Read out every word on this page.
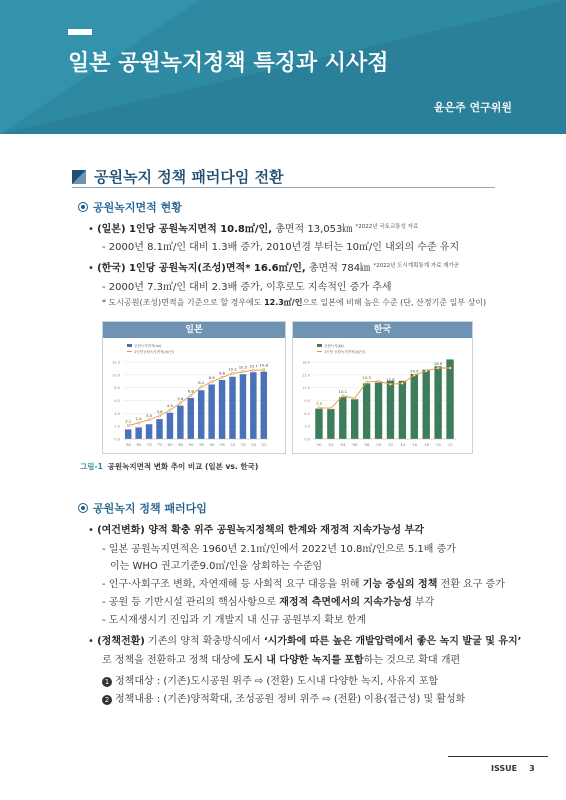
일본 공원녹지정책 특징과 시사점
윤은주 연구위원
공원녹지 정책 패러다임 전환
공원녹지면적 현황
• (일본) 1인당 공원녹지면적 10.8㎡/인, 총면적 13,053㎞ $^{*2022년 국토교통성 자료}$
- 2000년 8.1㎡/인 대비 1.3배 증가, 2010년경 부터는 10㎡/인 내외의 수준 유지
• (한국) 1인당 공원녹지(조성)면적* 16.6㎡/인, 총면적 784㎞ $^{*2022년 도시계획통계 자료 재가공}$
- 2000년 7.3㎡/인 대비 2.3배 증가, 이후로도 지속적인 증가 추세
* 도시공원(조성)면적을 기준으로 할 경우에도 12.3㎡/인으로 일본에 비해 높은 수준 (단, 산정기준 일부 상이)
일본
0.0
2.0
4.0
6.0
8.0
10.0
12.0
공원녹지면적(ha)
1인당공원녹지면적(㎡/인)
'60 '65 '70 '75 '80 '85 '90 '95 '00 '05 '10 '15 '20 '22
2.1
2.5
3.0
3.6
4.5
5.6
6.8
8.1
8.9
9.6
10.2 10.5 10.7 10.8
한국
0.0
3.0
6.0
9.0
12.0
15.0
18.0
공원녹지(㎢)
1인당 공원녹지면적(㎡/인)
'00 '02 '04 '06 '08 '10 '12 '14 '16 '18 '20 '22
7.3
10.1
13.3	12.8
14.9
16.6
그림-1 공원녹지면적 변화 추이 비교 (일본 vs. 한국)
공원녹지 정책 패러다임
• (여건변화) 양적 확충 위주 공원녹지정책의 한계와 재정적 지속가능성 부각
- 일본 공원녹지면적은 1960년 2.1㎡/인에서 2022년 10.8㎡/인으로 5.1배 증가
이는 WHO 권고기준9.0㎡/인을 상회하는 수준임
- 인구·사회구조 변화, 자연재해 등 사회적 요구 대응을 위해 기능 중심의 정책 전환 요구 증가
- 공원 등 기반시설 관리의 핵심사항으로 재정적 측면에서의 지속가능성 부각
- 도시재생시기 진입과 기 개발지 내 신규 공원부지 확보 한계
• (정책전환) 기존의 양적 확충방식에서 ‘시가화에 따른 높은 개발압력에서 좋은 녹지 발굴 및 유지’
로 정책을 전환하고 정책 대상에 도시 내 다양한 녹지를 포함하는 것으로 확대 개편
1 정책대상 : (기존)도시공원 위주 ⇨ (전환) 도시내 다양한 녹지, 사유지 포함
2 정책내용 : (기존)양적확대, 조성공원 정비 위주 ⇨ (전환) 이용(접근성) 및 활성화
ISSUE 3
